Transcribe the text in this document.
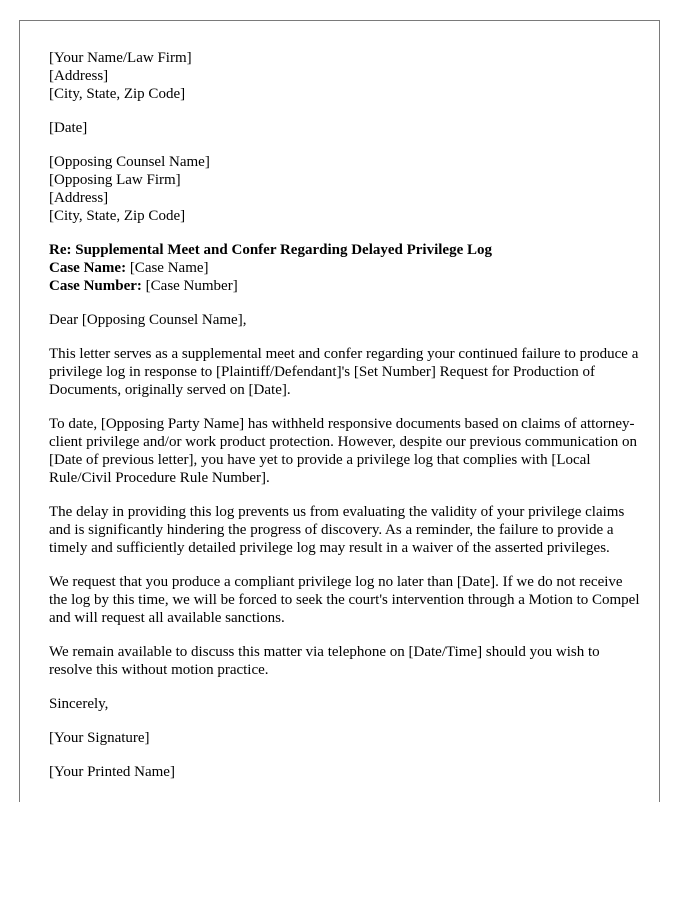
[Your Name/Law Firm]
[Address]
[City, State, Zip Code]

[Date]

[Opposing Counsel Name]
[Opposing Law Firm]
[Address]
[City, State, Zip Code]

Re: Supplemental Meet and Confer Regarding Delayed Privilege Log
Case Name: [Case Name]
Case Number: [Case Number]

Dear [Opposing Counsel Name],

This letter serves as a supplemental meet and confer regarding your continued failure to produce a privilege log in response to [Plaintiff/Defendant]'s [Set Number] Request for Production of Documents, originally served on [Date].

To date, [Opposing Party Name] has withheld responsive documents based on claims of attorney-client privilege and/or work product protection. However, despite our previous communication on [Date of previous letter], you have yet to provide a privilege log that complies with [Local Rule/Civil Procedure Rule Number].

The delay in providing this log prevents us from evaluating the validity of your privilege claims and is significantly hindering the progress of discovery. As a reminder, the failure to provide a timely and sufficiently detailed privilege log may result in a waiver of the asserted privileges.

We request that you produce a compliant privilege log no later than [Date]. If we do not receive the log by this time, we will be forced to seek the court's intervention through a Motion to Compel and will request all available sanctions.

We remain available to discuss this matter via telephone on [Date/Time] should you wish to resolve this without motion practice.

Sincerely,

[Your Signature]

[Your Printed Name]
